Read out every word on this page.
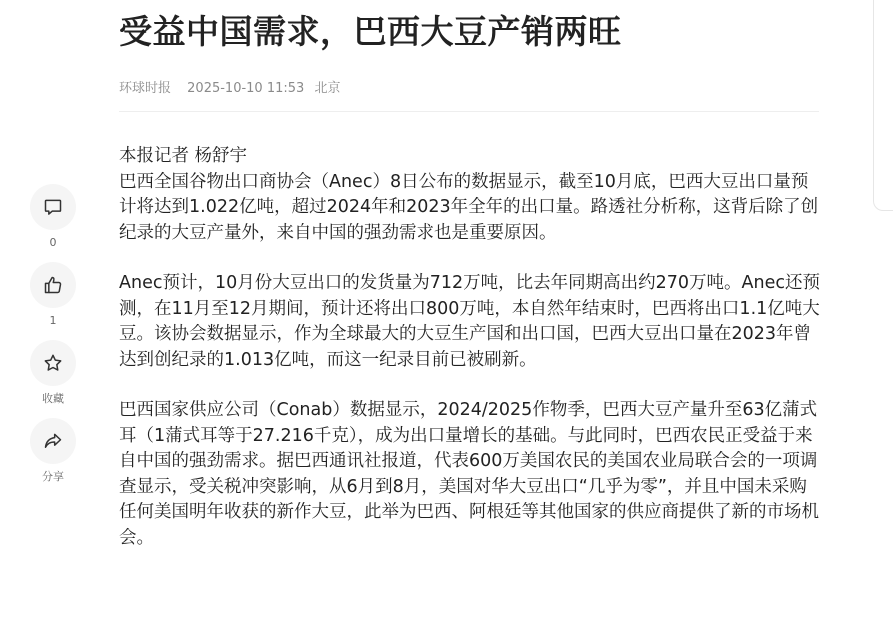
受益中国需求，巴西大豆产销两旺
环球时报 2025-10-10 11:53 北京

本报记者 杨舒宇

巴西全国谷物出口商协会（Anec）8日公布的数据显示，截至10月底，巴西大豆出口量预计将达到1.022亿吨，超过2024年和2023年全年的出口量。路透社分析称，这背后除了创纪录的大豆产量外，来自中国的强劲需求也是重要原因。

Anec预计，10月份大豆出口的发货量为712万吨，比去年同期高出约270万吨。Anec还预测，在11月至12月期间，预计还将出口800万吨，本自然年结束时，巴西将出口1.1亿吨大豆。该协会数据显示，作为全球最大的大豆生产国和出口国，巴西大豆出口量在2023年曾达到创纪录的1.013亿吨，而这一纪录目前已被刷新。

巴西国家供应公司（Conab）数据显示，2024/2025作物季，巴西大豆产量升至63亿蒲式耳（1蒲式耳等于27.216千克），成为出口量增长的基础。与此同时，巴西农民正受益于来自中国的强劲需求。据巴西通讯社报道，代表600万美国农民的美国农业局联合会的一项调查显示，受关税冲突影响，从6月到8月，美国对华大豆出口“几乎为零”，并且中国未采购任何美国明年收获的新作大豆，此举为巴西、阿根廷等其他国家的供应商提供了新的市场机会。

0
1
收藏
分享
